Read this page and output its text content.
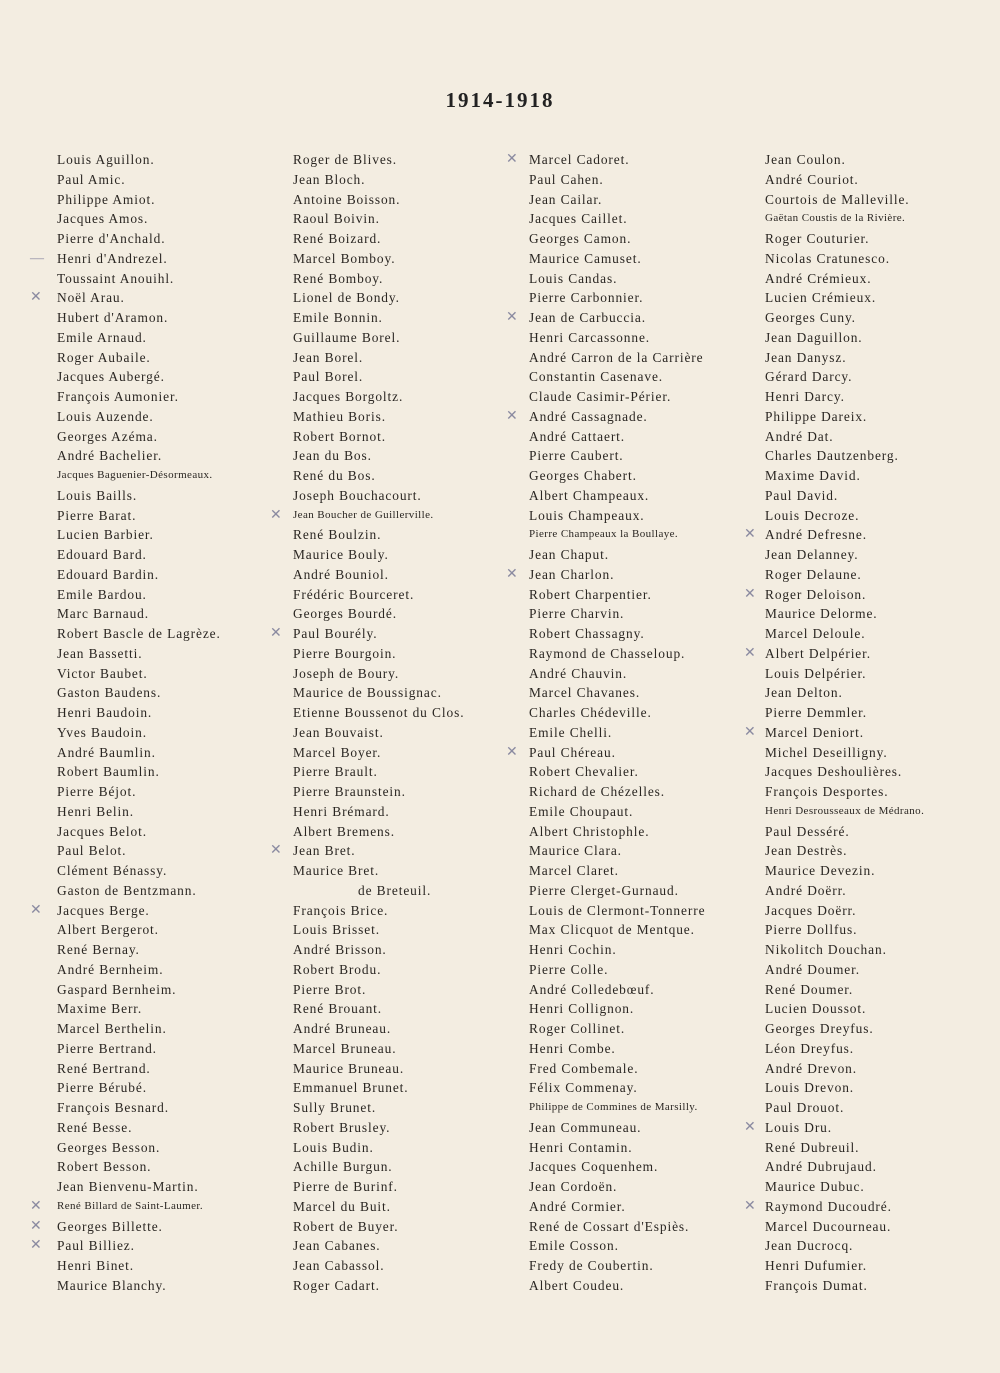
1914-1918
Louis Aguillon.
Paul Amic.
Philippe Amiot.
Jacques Amos.
Pierre d'Anchald.
Henri d'Andrezel.
Toussaint Anouihl.
Noël Arau.
Hubert d'Aramon.
Emile Arnaud.
Roger Aubaile.
Jacques Aubergé.
François Aumonier.
Louis Auzende.
Georges Azéma.
André Bachelier.
Jacques Baguenier-Désormeaux.
Louis Baills.
Pierre Barat.
Lucien Barbier.
Edouard Bard.
Edouard Bardin.
Emile Bardou.
Marc Barnaud.
Robert Bascle de Lagrèze.
Jean Bassetti.
Victor Baubet.
Gaston Baudens.
Henri Baudoin.
Yves Baudoin.
André Baumlin.
Robert Baumlin.
Pierre Béjot.
Henri Belin.
Jacques Belot.
Paul Belot.
Clément Bénassy.
Gaston de Bentzmann.
Jacques Berge.
Albert Bergerot.
René Bernay.
André Bernheim.
Gaspard Bernheim.
Maxime Berr.
Marcel Berthelin.
Pierre Bertrand.
René Bertrand.
Pierre Bérubé.
François Besnard.
René Besse.
Georges Besson.
Robert Besson.
Jean Bienvenu-Martin.
René Billard de Saint-Laumer.
Georges Billette.
Paul Billiez.
Henri Binet.
Maurice Blanchy.
Roger de Blives.
Jean Bloch.
Antoine Boisson.
Raoul Boivin.
René Boizard.
Marcel Bomboy.
René Bomboy.
Lionel de Bondy.
Emile Bonnin.
Guillaume Borel.
Jean Borel.
Paul Borel.
Jacques Borgoltz.
Mathieu Boris.
Robert Bornot.
Jean du Bos.
René du Bos.
Joseph Bouchacourt.
Jean Boucher de Guillerville.
René Boulzin.
Maurice Bouly.
André Bouniol.
Frédéric Bourceret.
Georges Bourdé.
Paul Bourély.
Pierre Bourgoin.
Joseph de Boury.
Maurice de Boussignac.
Etienne Boussenot du Clos.
Jean Bouvaist.
Marcel Boyer.
Pierre Brault.
Pierre Braunstein.
Henri Brémard.
Albert Bremens.
Jean Bret.
Maurice Bret.
de Breteuil.
François Brice.
Louis Brisset.
André Brisson.
Robert Brodu.
Pierre Brot.
René Brouant.
André Bruneau.
Marcel Bruneau.
Maurice Bruneau.
Emmanuel Brunet.
Sully Brunet.
Robert Brusley.
Louis Budin.
Achille Burgun.
Pierre de Burinf.
Marcel du Buit.
Robert de Buyer.
Jean Cabanes.
Jean Cabassol.
Roger Cadart.
Marcel Cadoret.
Paul Cahen.
Jean Cailar.
Jacques Caillet.
Georges Camon.
Maurice Camuset.
Louis Candas.
Pierre Carbonnier.
Jean de Carbuccia.
Henri Carcassonne.
André Carron de la Carrière
Constantin Casenave.
Claude Casimir-Périer.
André Cassagnade.
André Cattaert.
Pierre Caubert.
Georges Chabert.
Albert Champeaux.
Louis Champeaux.
Pierre Champeaux la Boullaye.
Jean Chaput.
Jean Charlon.
Robert Charpentier.
Pierre Charvin.
Robert Chassagny.
Raymond de Chasseloup.
André Chauvin.
Marcel Chavanes.
Charles Chédeville.
Emile Chelli.
Paul Chéreau.
Robert Chevalier.
Richard de Chézelles.
Emile Choupaut.
Albert Christophle.
Maurice Clara.
Marcel Claret.
Pierre Clerget-Gurnaud.
Louis de Clermont-Tonnerre
Max Clicquot de Mentque.
Henri Cochin.
Pierre Colle.
André Colledebœuf.
Henri Collignon.
Roger Collinet.
Henri Combe.
Fred Combemale.
Félix Commenay.
Philippe de Commines de Marsilly.
Jean Communeau.
Henri Contamin.
Jacques Coquenhem.
Jean Cordoën.
André Cormier.
René de Cossart d'Espiès.
Emile Cosson.
Fredy de Coubertin.
Albert Coudeu.
Jean Coulon.
André Couriot.
Courtois de Malleville.
Gaëtan Coustis de la Rivière.
Roger Couturier.
Nicolas Cratunesco.
André Crémieux.
Lucien Crémieux.
Georges Cuny.
Jean Daguillon.
Jean Danysz.
Gérard Darcy.
Henri Darcy.
Philippe Dareix.
André Dat.
Charles Dautzenberg.
Maxime David.
Paul David.
Louis Decroze.
André Defresne.
Jean Delanney.
Roger Delaune.
Roger Deloison.
Maurice Delorme.
Marcel Deloule.
Albert Delpérier.
Louis Delpérier.
Jean Delton.
Pierre Demmler.
Marcel Deniort.
Michel Deseilligny.
Jacques Deshoulières.
François Desportes.
Henri Desrousseaux de Médrano.
Paul Desséré.
Jean Destrès.
Maurice Devezin.
André Doërr.
Jacques Doërr.
Pierre Dollfus.
Nikolitch Douchan.
André Doumer.
René Doumer.
Lucien Doussot.
Georges Dreyfus.
Léon Dreyfus.
André Drevon.
Louis Drevon.
Paul Drouot.
Louis Dru.
René Dubreuil.
André Dubrujaud.
Maurice Dubuc.
Raymond Ducoudré.
Marcel Ducourneau.
Jean Ducrocq.
Henri Dufumier.
François Dumat.
—
✕
✕
✕
✕
✕
✕
✕
✕
✕
✕
✕
✕
✕
✕
✕
✕
✕
✕
✕
